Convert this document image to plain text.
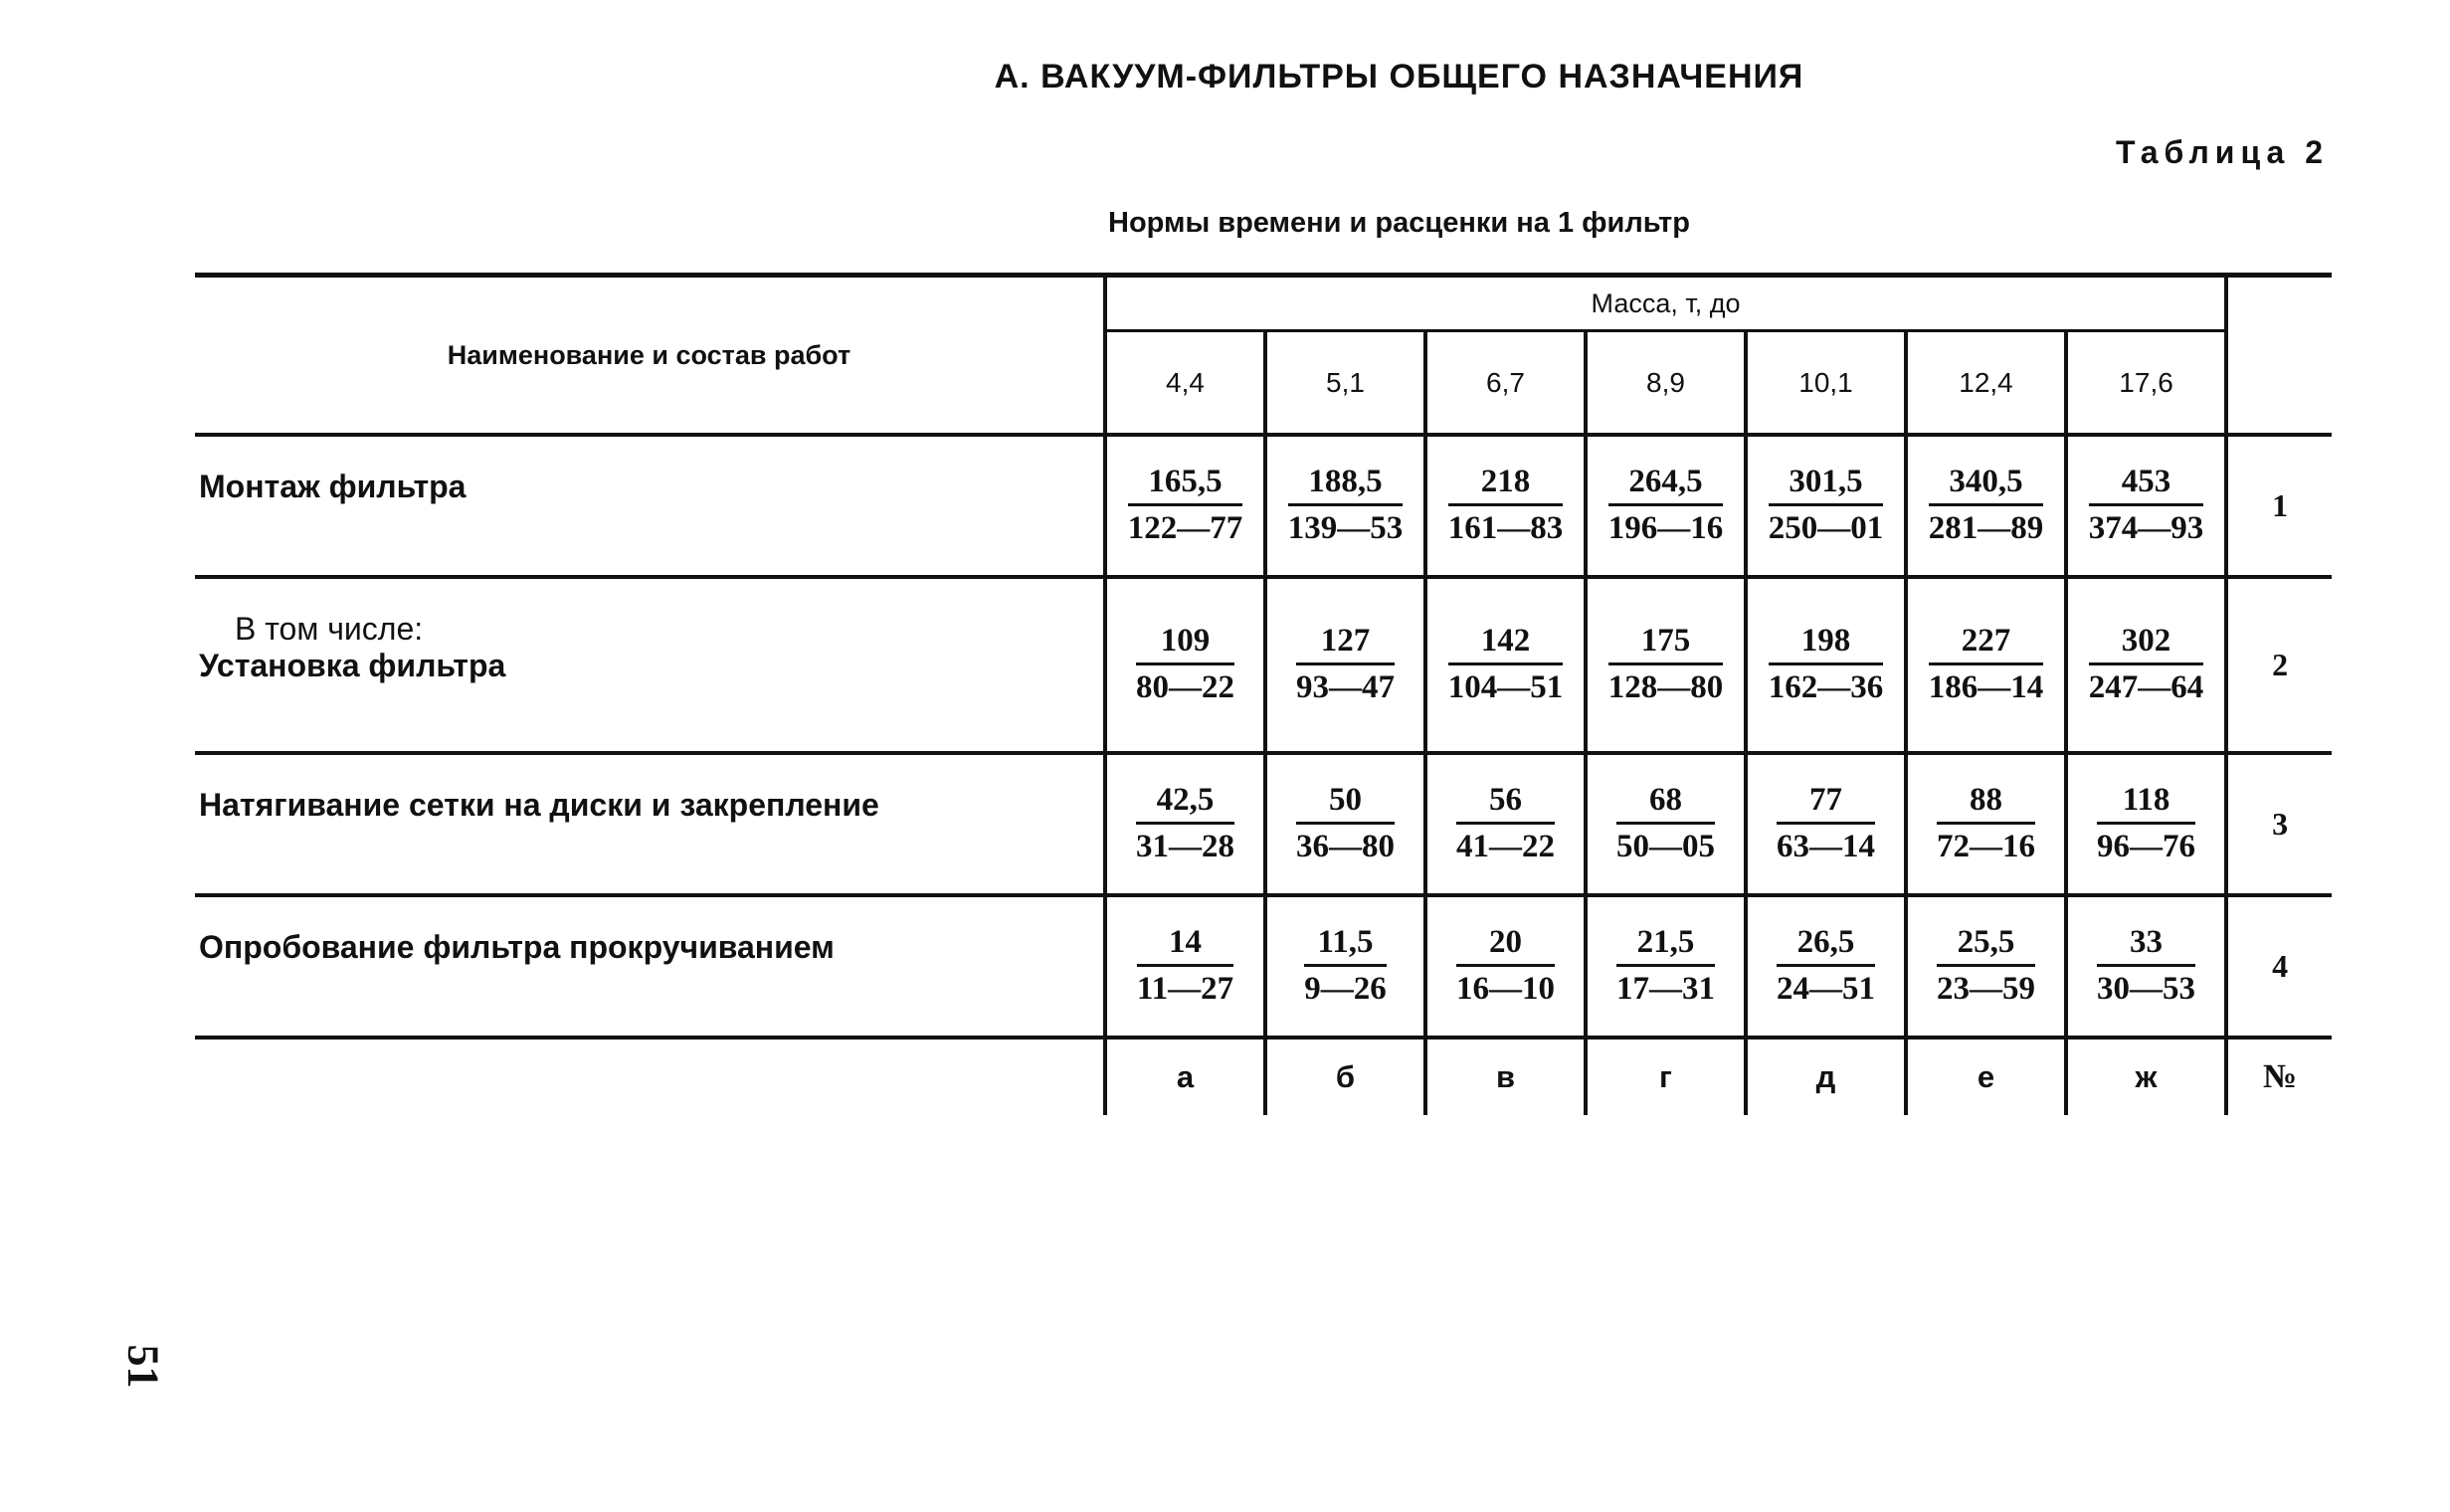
А. ВАКУУМ-ФИЛЬТРЫ ОБЩЕГО НАЗНАЧЕНИЯ
Таблица 2
Нормы времени и расценки на 1 фильтр
Наименование и состав работ	Масса, т, до							
	4,4	5,1	6,7	8,9	10,1	12,4	17,6	
Монтаж фильтра	$\frac{165,5}{122—77}$	$\frac{188,5}{139—53}$	$\frac{218}{161—83}$	$\frac{264,5}{196—16}$	$\frac{301,5}{250—01}$	$\frac{340,5}{281—89}$	$\frac{453}{374—93}$	1

В том числе:
Установка фильтра	$\frac{109}{80—22}$	$\frac{127}{93—47}$	$\frac{142}{104—51}$	$\frac{175}{128—80}$	$\frac{198}{162—36}$	$\frac{227}{186—14}$	$\frac{302}{247—64}$	2
Натягивание сетки на диски и закрепление	$\frac{42,5}{31—28}$	$\frac{50}{36—80}$	$\frac{56}{41—22}$	$\frac{68}{50—05}$	$\frac{77}{63—14}$	$\frac{88}{72—16}$	$\frac{118}{96—76}$	3
Опробование фильтра прокручиванием	$\frac{14}{11—27}$	$\frac{11,5}{9—26}$	$\frac{20}{16—10}$	$\frac{21,5}{17—31}$	$\frac{26,5}{24—51}$	$\frac{25,5}{23—59}$	$\frac{33}{30—53}$	4
	а	б	в	г	д	е	ж	№
51
